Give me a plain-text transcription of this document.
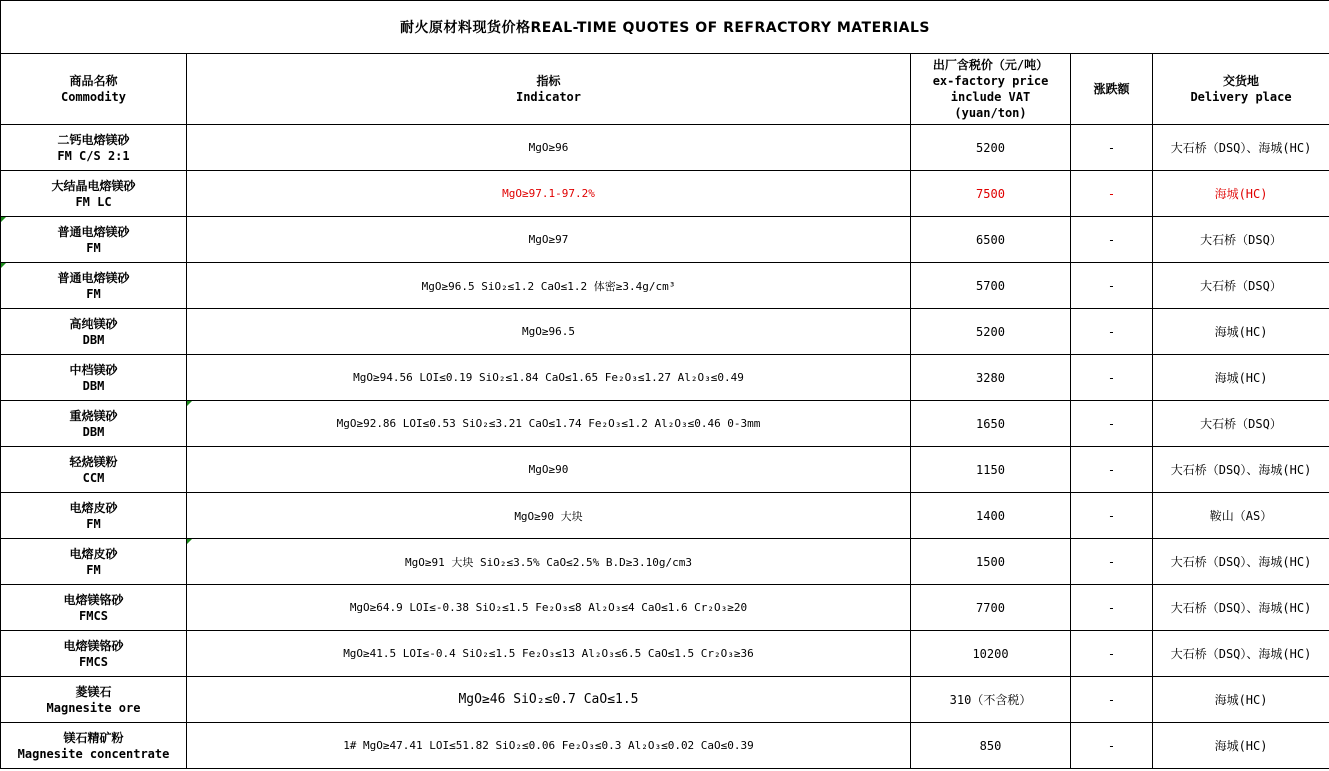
耐火原材料现货价格REAL-TIME QUOTES OF REFRACTORY MATERIALS				

商品名称
Commodity	指标
Indicator	出厂含税价（元/吨）
ex-factory price
include VAT
(yuan/ton)	涨跌额	交货地
Delivery place

二钙电熔镁砂
FM C/S 2:1	MgO≥96	5200	-	大石桥（DSQ）、海城(HC)

大结晶电熔镁砂
FM LC	MgO≥97.1-97.2%	7500	-	海城(HC)

普通电熔镁砂
FM	MgO≥97	6500	-	大石桥（DSQ）

普通电熔镁砂
FM	MgO≥96.5 SiO₂≤1.2 CaO≤1.2 体密≥3.4g/cm³	5700	-	大石桥（DSQ）

高纯镁砂
DBM	MgO≥96.5	5200	-	海城(HC)

中档镁砂
DBM	MgO≥94.56 LOI≤0.19 SiO₂≤1.84 CaO≤1.65 Fe₂O₃≤1.27 Al₂O₃≤0.49	3280	-	海城(HC)

重烧镁砂
DBM	MgO≥92.86 LOI≤0.53 SiO₂≤3.21 CaO≤1.74 Fe₂O₃≤1.2 Al₂O₃≤0.46 0-3mm	1650	-	大石桥（DSQ）

轻烧镁粉
CCM	MgO≥90	1150	-	大石桥（DSQ）、海城(HC)

电熔皮砂
FM	MgO≥90 大块	1400	-	鞍山（AS）

电熔皮砂
FM	MgO≥91 大块 SiO₂≤3.5% CaO≤2.5% B.D≥3.10g/cm3	1500	-	大石桥（DSQ）、海城(HC)

电熔镁铬砂
FMCS	MgO≥64.9 LOI≤-0.38 SiO₂≤1.5 Fe₂O₃≤8 Al₂O₃≤4 CaO≤1.6 Cr₂O₃≥20	7700	-	大石桥（DSQ）、海城(HC)

电熔镁铬砂
FMCS	MgO≥41.5 LOI≤-0.4 SiO₂≤1.5 Fe₂O₃≤13 Al₂O₃≤6.5 CaO≤1.5 Cr₂O₃≥36	10200	-	大石桥（DSQ）、海城(HC)

菱镁石
Magnesite ore	MgO≥46 SiO₂≤0.7 CaO≤1.5	310（不含税）	-	海城(HC)

镁石精矿粉
Magnesite concentrate	1# MgO≥47.41 LOI≤51.82 SiO₂≤0.06 Fe₂O₃≤0.3 Al₂O₃≤0.02 CaO≤0.39	850	-	海城(HC)
